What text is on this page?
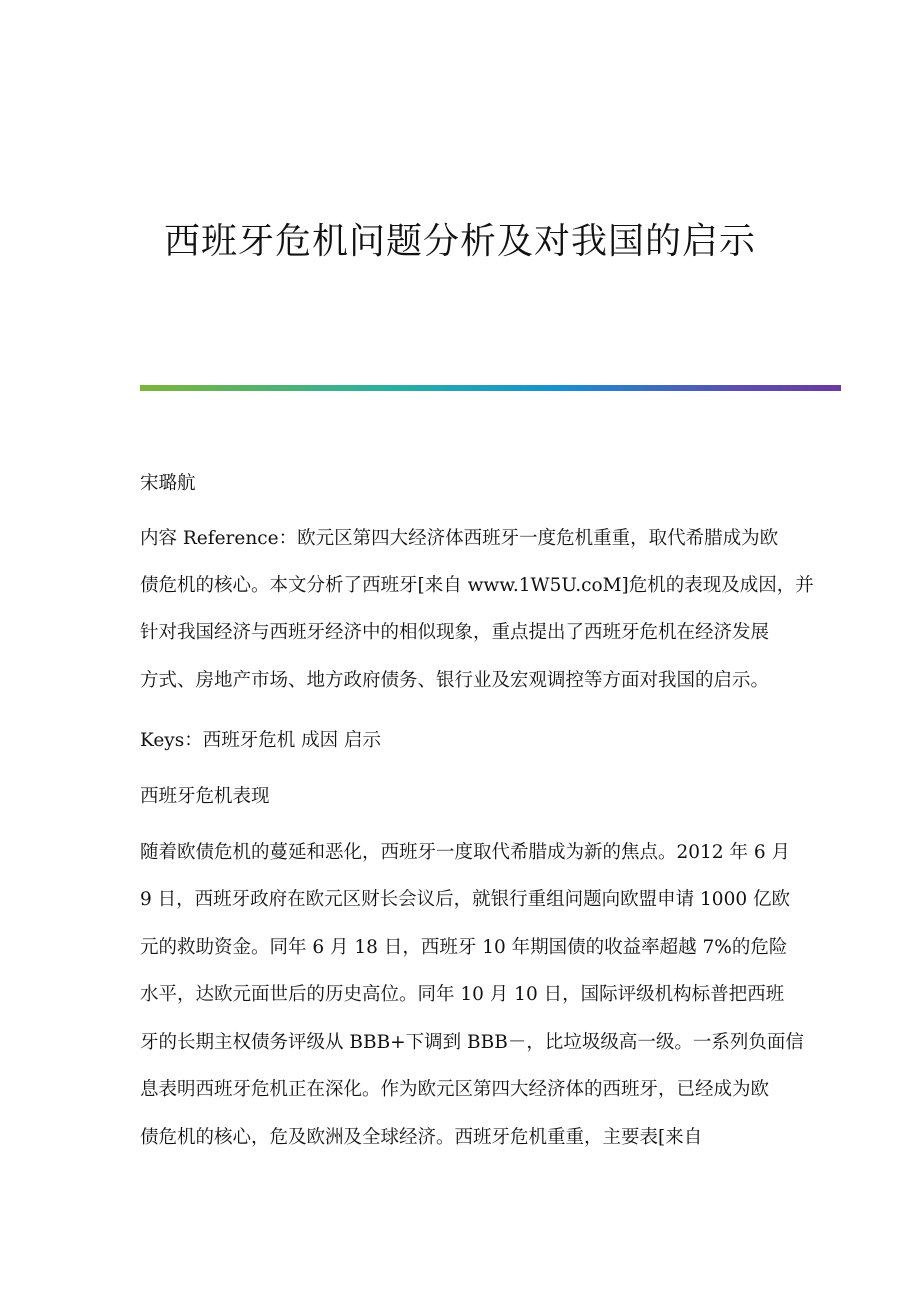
西班牙危机问题分析及对我国的启示
宋璐航
内容 Reference：欧元区第四大经济体西班牙一度危机重重，取代希腊成为欧
债危机的核心。本文分析了西班牙[来自 www.1W5U.coM]危机的表现及成因，并
针对我国经济与西班牙经济中的相似现象，重点提出了西班牙危机在经济发展
方式、房地产市场、地方政府债务、银行业及宏观调控等方面对我国的启示。
Keys：西班牙危机 成因 启示
西班牙危机表现
随着欧债危机的蔓延和恶化，西班牙一度取代希腊成为新的焦点。2012 年 6 月
9 日，西班牙政府在欧元区财长会议后，就银行重组问题向欧盟申请 1000 亿欧
元的救助资金。同年 6 月 18 日，西班牙 10 年期国债的收益率超越 7%的危险
水平，达欧元面世后的历史高位。同年 10 月 10 日，国际评级机构标普把西班
牙的长期主权债务评级从 BBB+下调到 BBB－，比垃圾级高一级。一系列负面信
息表明西班牙危机正在深化。作为欧元区第四大经济体的西班牙，已经成为欧
债危机的核心，危及欧洲及全球经济。西班牙危机重重，主要表[来自
